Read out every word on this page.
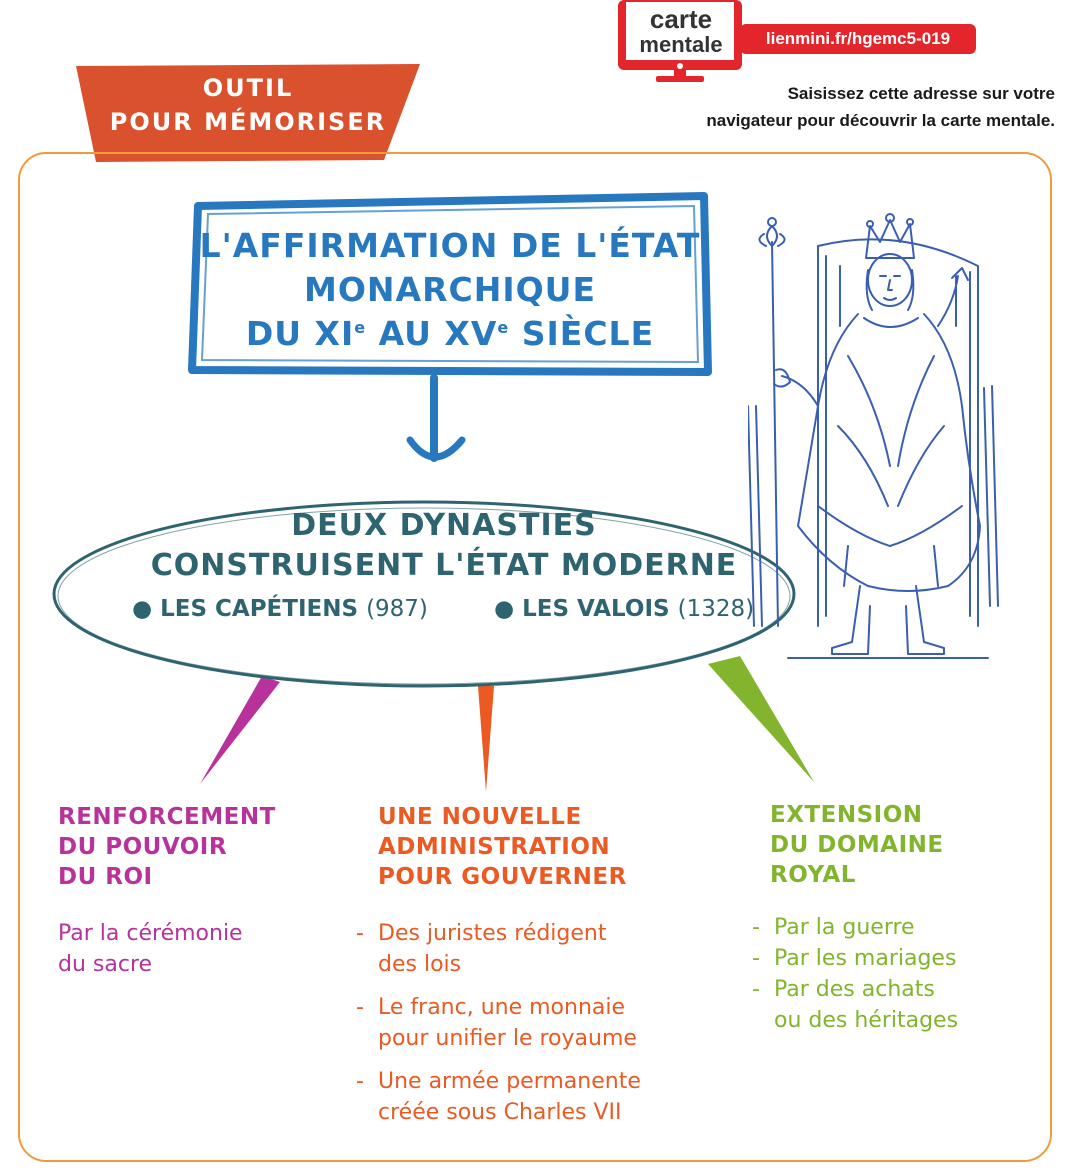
OUTIL
POUR MÉMORISER
carte
mentale	lienmini.fr/hgemc5-019
Saisissez cette adresse sur votre
navigateur pour découvrir la carte mentale.
L'AFFIRMATION DE L'ÉTAT
MONARCHIQUE
DU XIe AU XVe SIÈCLE
DEUX DYNASTIES
CONSTRUISENT L'ÉTAT MODERNE
● LES CAPÉTIENS (987)	● LES VALOIS (1328)
RENFORCEMENT
DU POUVOIR
DU ROI
Par la cérémonie
du sacre
UNE NOUVELLE
ADMINISTRATION
POUR GOUVERNER
- Des juristes rédigent
des lois
- Le franc, une monnaie
pour unifier le royaume
- Une armée permanente
créée sous Charles VII
EXTENSION
DU DOMAINE
ROYAL
- Par la guerre
- Par les mariages
- Par des achats
ou des héritages
